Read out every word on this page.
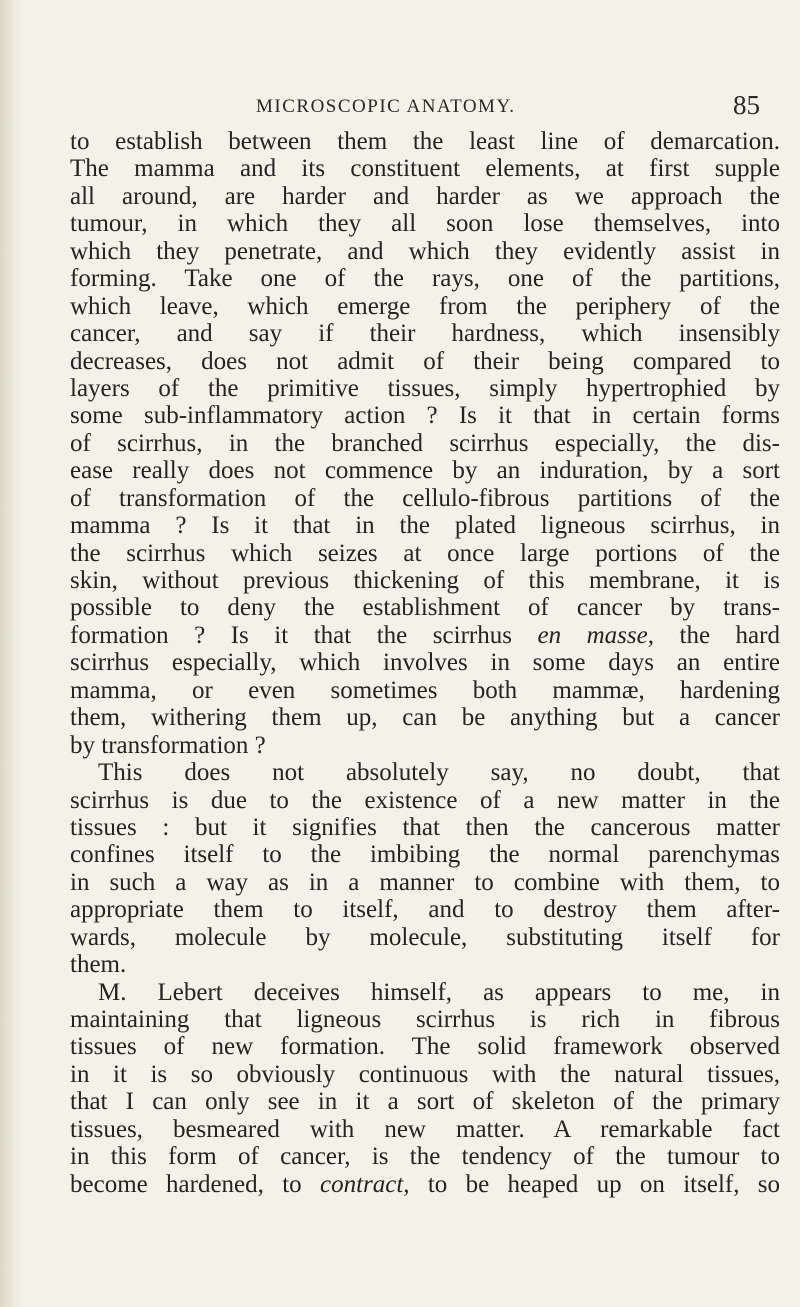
MICROSCOPIC ANATOMY.	85
to establish between them the least line of demarcation.
The mamma and its constituent elements, at first supple
all around, are harder and harder as we approach the
tumour, in which they all soon lose themselves, into
which they penetrate, and which they evidently assist in
forming. Take one of the rays, one of the partitions,
which leave, which emerge from the periphery of the
cancer, and say if their hardness, which insensibly
decreases, does not admit of their being compared to
layers of the primitive tissues, simply hypertrophied by
some sub-inflammatory action ? Is it that in certain forms
of scirrhus, in the branched scirrhus especially, the dis-
ease really does not commence by an induration, by a sort
of transformation of the cellulo-fibrous partitions of the
mamma ? Is it that in the plated ligneous scirrhus, in
the scirrhus which seizes at once large portions of the
skin, without previous thickening of this membrane, it is
possible to deny the establishment of cancer by trans-
formation ? Is it that the scirrhus en masse, the hard
scirrhus especially, which involves in some days an entire
mamma, or even sometimes both mammæ, hardening
them, withering them up, can be anything but a cancer
by transformation ?
This does not absolutely say, no doubt, that
scirrhus is due to the existence of a new matter in the
tissues : but it signifies that then the cancerous matter
confines itself to the imbibing the normal parenchymas
in such a way as in a manner to combine with them, to
appropriate them to itself, and to destroy them after-
wards, molecule by molecule, substituting itself for
them.
M. Lebert deceives himself, as appears to me, in
maintaining that ligneous scirrhus is rich in fibrous
tissues of new formation. The solid framework observed
in it is so obviously continuous with the natural tissues,
that I can only see in it a sort of skeleton of the primary
tissues, besmeared with new matter. A remarkable fact
in this form of cancer, is the tendency of the tumour to
become hardened, to contract, to be heaped up on itself, so
